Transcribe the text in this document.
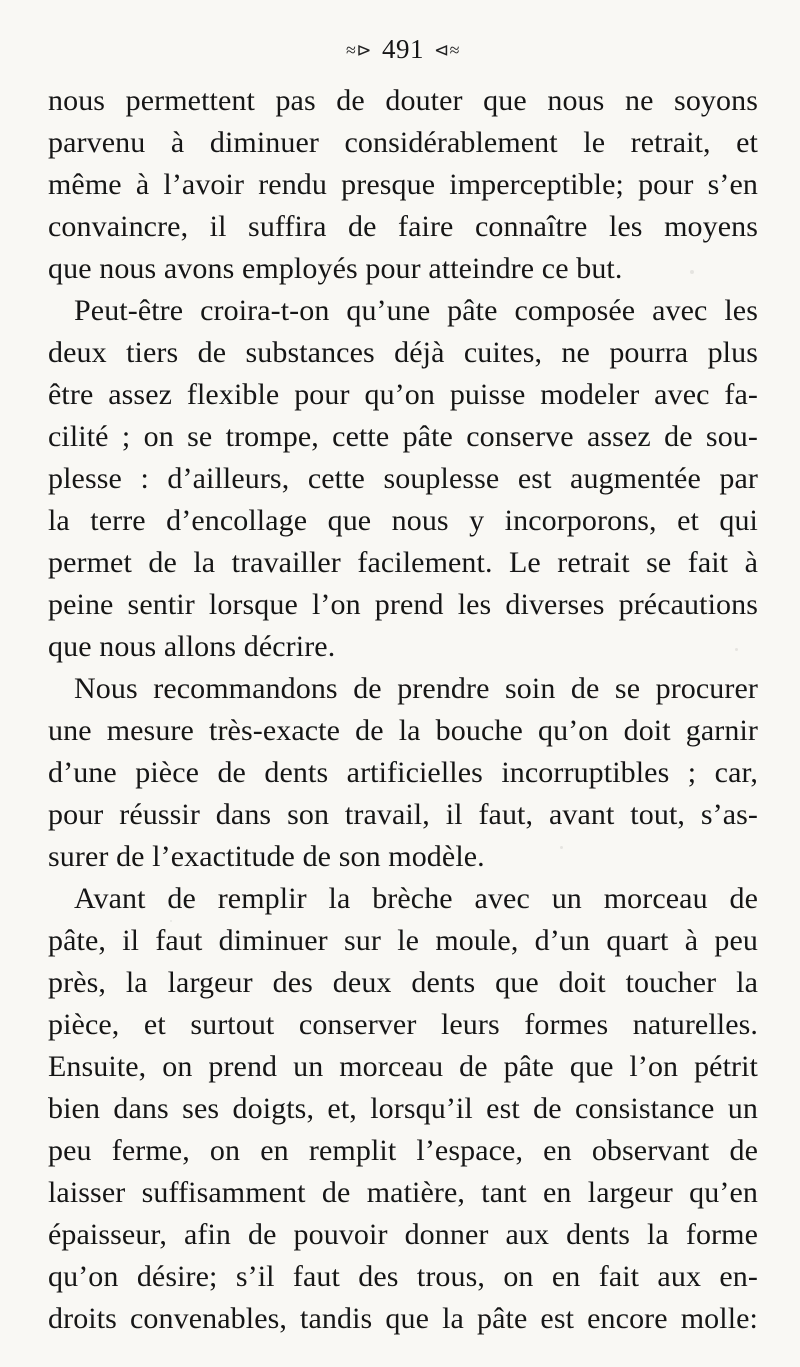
≈⊳ 491 ⊲≈
nous permettent pas de douter que nous ne soyons
parvenu à diminuer considérablement le retrait, et
même à l’avoir rendu presque imperceptible; pour s’en
convaincre, il suffira de faire connaître les moyens
que nous avons employés pour atteindre ce but.
Peut-être croira-t-on qu’une pâte composée avec les
deux tiers de substances déjà cuites, ne pourra plus
être assez flexible pour qu’on puisse modeler avec fa-
cilité ; on se trompe, cette pâte conserve assez de sou-
plesse : d’ailleurs, cette souplesse est augmentée par
la terre d’encollage que nous y incorporons, et qui
permet de la travailler facilement. Le retrait se fait à
peine sentir lorsque l’on prend les diverses précautions
que nous allons décrire.
Nous recommandons de prendre soin de se procurer
une mesure très-exacte de la bouche qu’on doit garnir
d’une pièce de dents artificielles incorruptibles ; car,
pour réussir dans son travail, il faut, avant tout, s’as-
surer de l’exactitude de son modèle.
Avant de remplir la brèche avec un morceau de
pâte, il faut diminuer sur le moule, d’un quart à peu
près, la largeur des deux dents que doit toucher la
pièce, et surtout conserver leurs formes naturelles.
Ensuite, on prend un morceau de pâte que l’on pétrit
bien dans ses doigts, et, lorsqu’il est de consistance un
peu ferme, on en remplit l’espace, en observant de
laisser suffisamment de matière, tant en largeur qu’en
épaisseur, afin de pouvoir donner aux dents la forme
qu’on désire; s’il faut des trous, on en fait aux en-
droits convenables, tandis que la pâte est encore molle:
